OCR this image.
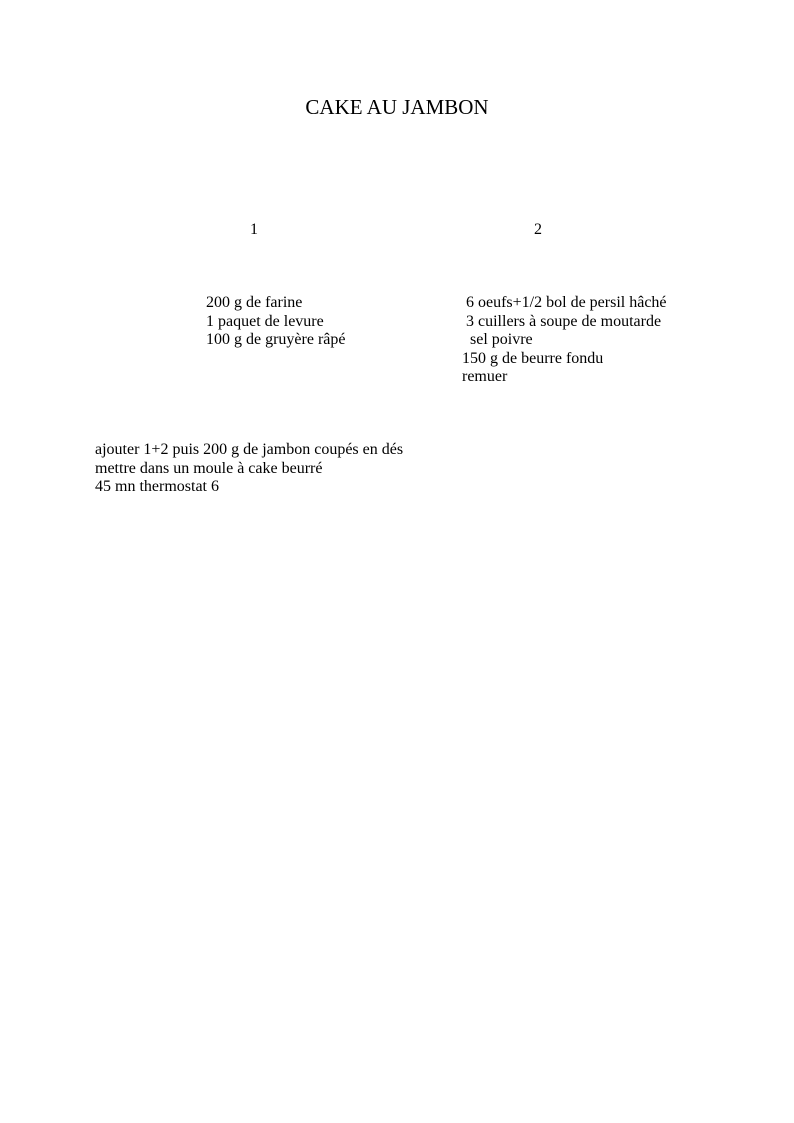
CAKE AU JAMBON
1	2
200 g de farine
1 paquet de levure
100 g de gruyère râpé
6 oeufs+1/2 bol de persil hâché
3 cuillers à soupe de moutarde
sel poivre
150 g de beurre fondu
remuer
ajouter 1+2 puis 200 g de jambon coupés en dés
mettre dans un moule à cake beurré
45 mn thermostat 6
